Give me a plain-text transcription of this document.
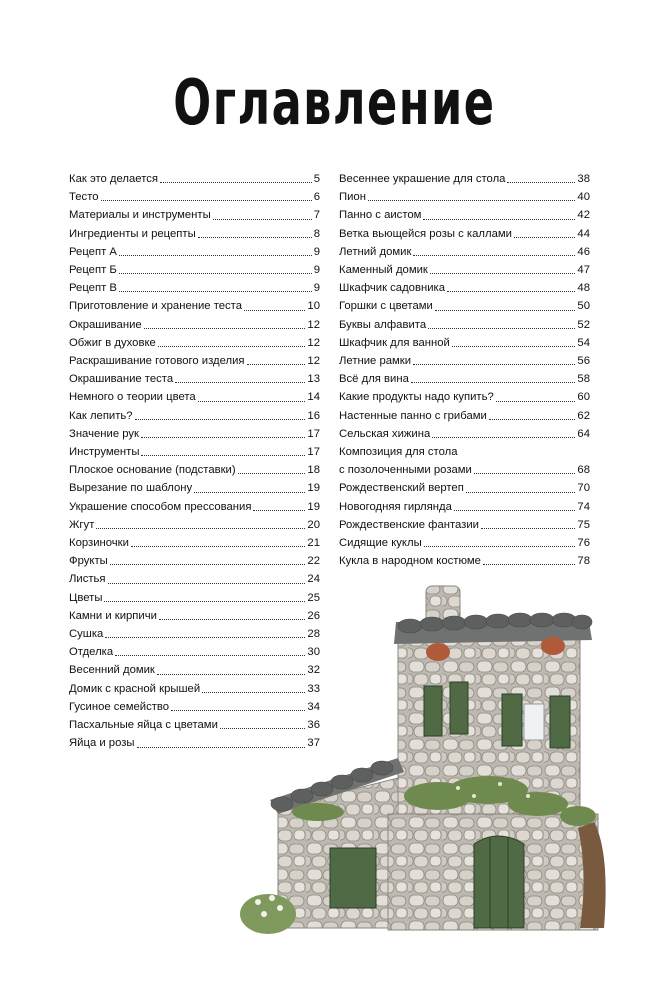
Оглавление
Как это делается	5
Тесто	6
Материалы и инструменты	7
Ингредиенты и рецепты	8
Рецепт А	9
Рецепт Б	9
Рецепт В	9
Приготовление и хранение теста	10
Окрашивание	12
Обжиг в духовке	12
Раскрашивание готового изделия	12
Окрашивание теста	13
Немного о теории цвета	14
Как лепить?	16
Значение рук	17
Инструменты	17
Плоское основание (подставки)	18
Вырезание по шаблону	19
Украшение способом прессования	19
Жгут	20
Корзиночки	21
Фрукты	22
Листья	24
Цветы	25
Камни и кирпичи	26
Сушка	28
Отделка	30
Весенний домик	32
Домик с красной крышей	33
Гусиное семейство	34
Пасхальные яйца с цветами	36
Яйца и розы	37
Весеннее украшение для стола	38
Пион	40
Панно с аистом	42
Ветка вьющейся розы с каллами	44
Летний домик	46
Каменный домик	47
Шкафчик садовника	48
Горшки с цветами	50
Буквы алфавита	52
Шкафчик для ванной	54
Летние рамки	56
Всё для вина	58
Какие продукты надо купить?	60
Настенные панно с грибами	62
Сельская хижина	64
Композиция для стола
с позолоченными розами	68
Рождественский вертеп	70
Новогодняя гирлянда	74
Рождественские фантазии	75
Сидящие куклы	76
Кукла в народном костюме	78
